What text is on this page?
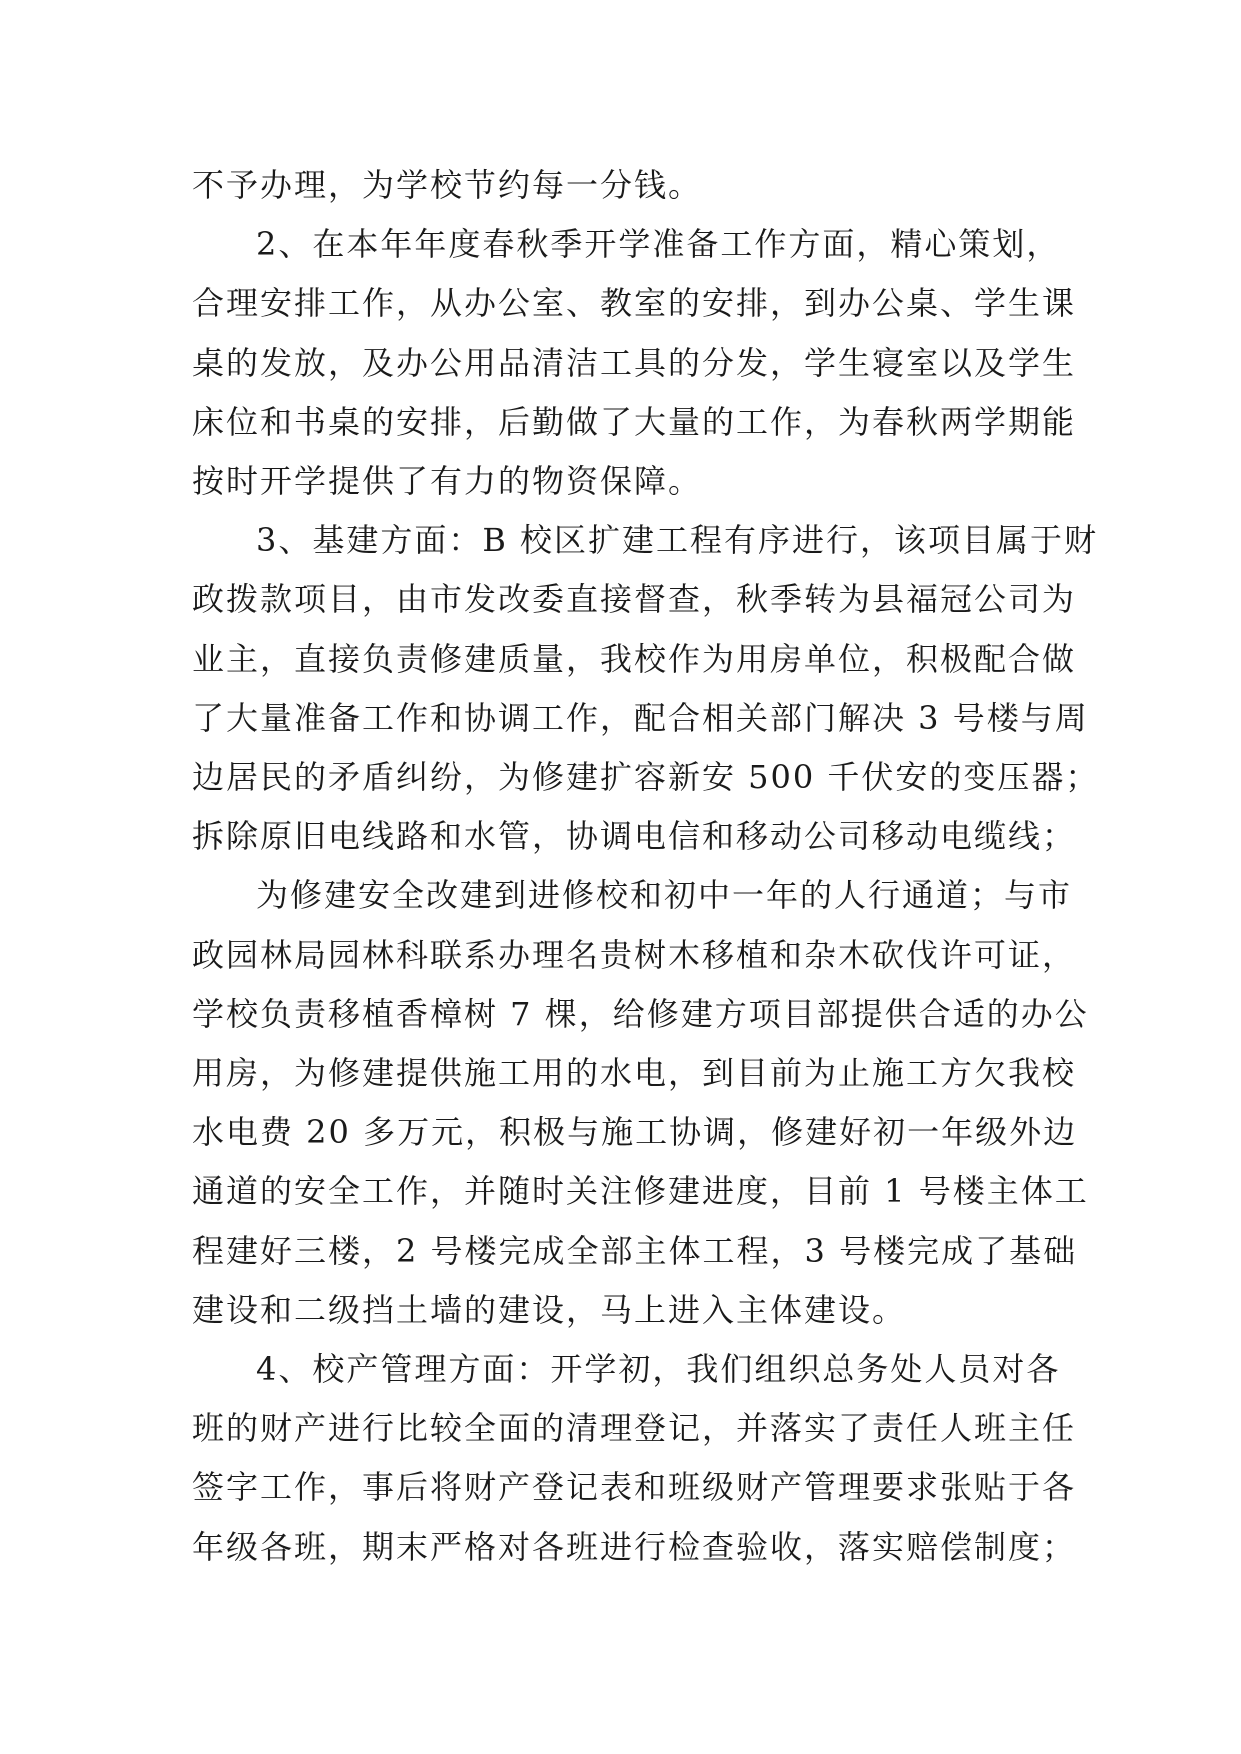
不予办理，为学校节约每一分钱。
2、在本年年度春秋季开学准备工作方面，精心策划，
合理安排工作，从办公室、教室的安排，到办公桌、学生课
桌的发放，及办公用品清洁工具的分发，学生寝室以及学生
床位和书桌的安排，后勤做了大量的工作，为春秋两学期能
按时开学提供了有力的物资保障。
3、基建方面：B 校区扩建工程有序进行，该项目属于财
政拨款项目，由市发改委直接督查，秋季转为县福冠公司为
业主，直接负责修建质量，我校作为用房单位，积极配合做
了大量准备工作和协调工作，配合相关部门解决 3 号楼与周
边居民的矛盾纠纷，为修建扩容新安 500 千伏安的变压器；
拆除原旧电线路和水管，协调电信和移动公司移动电缆线；
为修建安全改建到进修校和初中一年的人行通道；与市
政园林局园林科联系办理名贵树木移植和杂木砍伐许可证，
学校负责移植香樟树 7 棵，给修建方项目部提供合适的办公
用房，为修建提供施工用的水电，到目前为止施工方欠我校
水电费 20 多万元，积极与施工协调，修建好初一年级外边
通道的安全工作，并随时关注修建进度，目前 1 号楼主体工
程建好三楼，2 号楼完成全部主体工程，3 号楼完成了基础
建设和二级挡土墙的建设，马上进入主体建设。
4、校产管理方面：开学初，我们组织总务处人员对各
班的财产进行比较全面的清理登记，并落实了责任人班主任
签字工作，事后将财产登记表和班级财产管理要求张贴于各
年级各班，期末严格对各班进行检查验收，落实赔偿制度；
